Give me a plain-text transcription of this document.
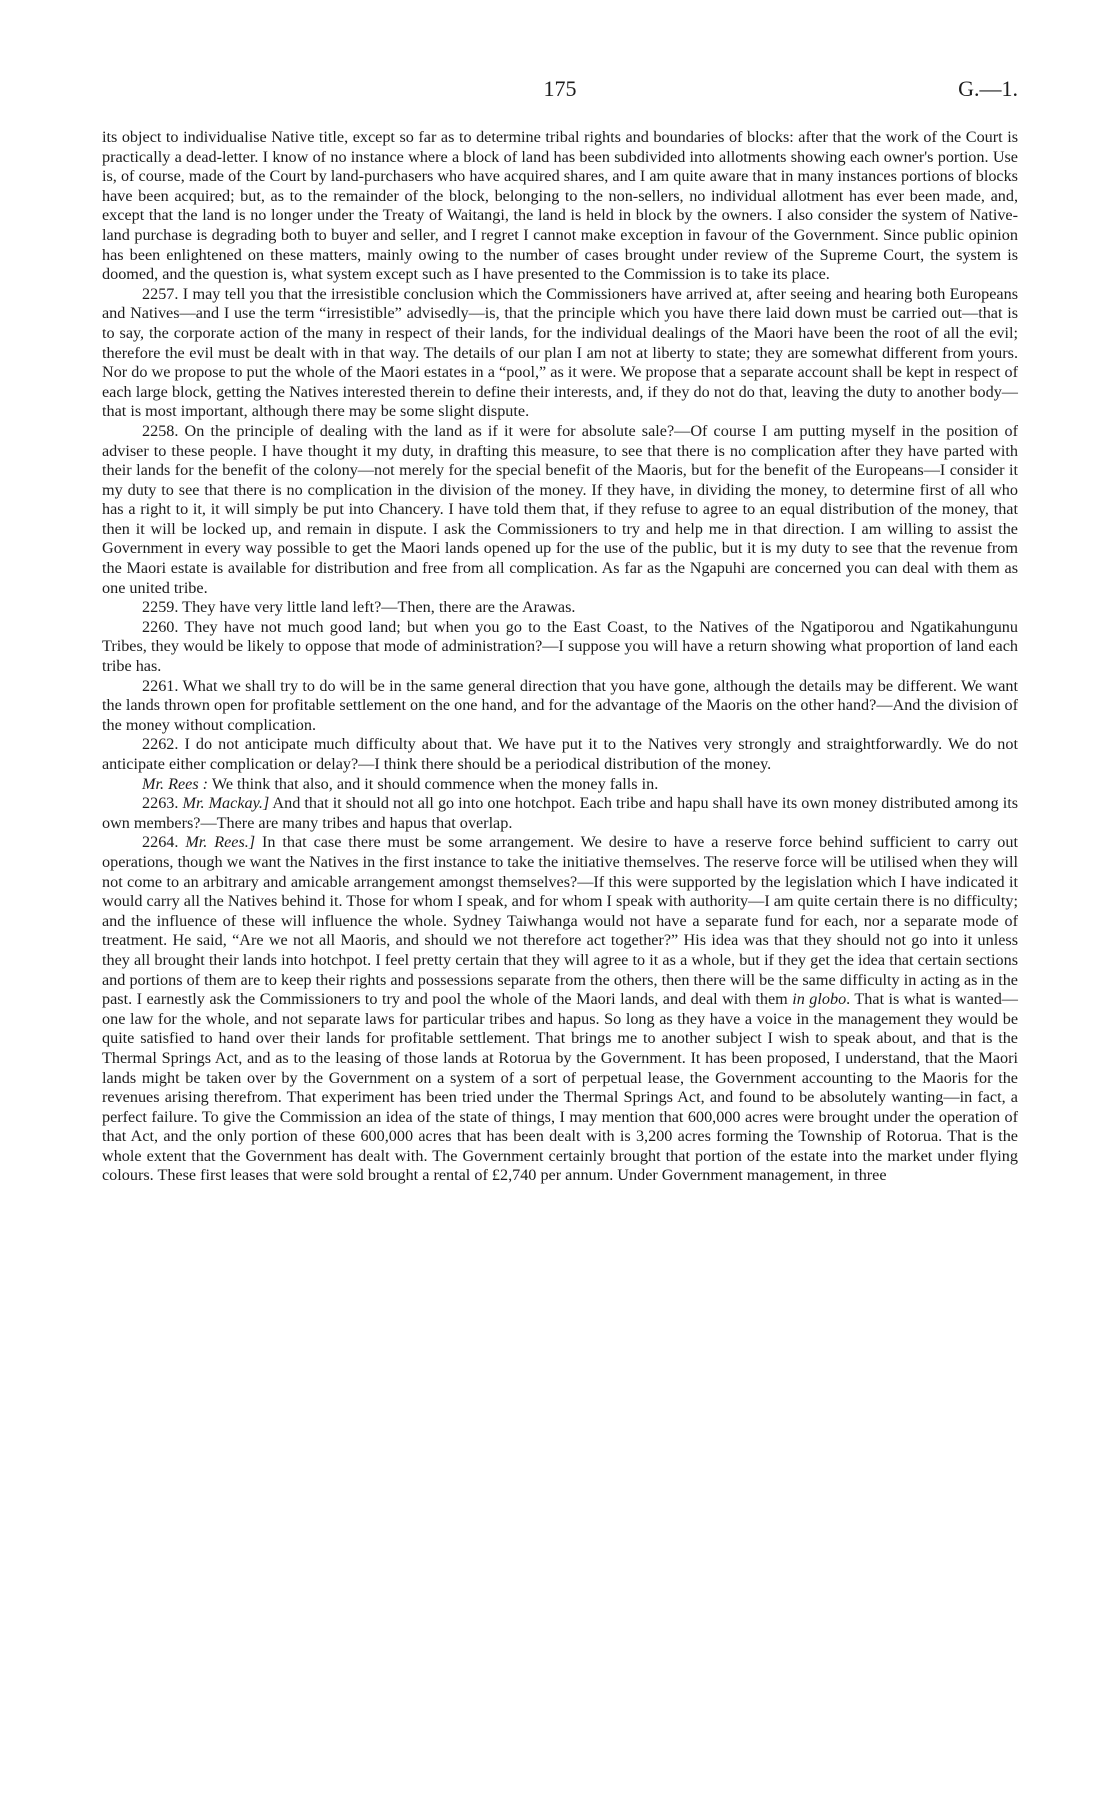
175	G.—1.

its object to individualise Native title, except so far as to determine tribal rights and boundaries of blocks: after that the work of the Court is practically a dead-letter. I know of no instance where a block of land has been subdivided into allotments showing each owner's portion. Use is, of course, made of the Court by land-purchasers who have acquired shares, and I am quite aware that in many instances portions of blocks have been acquired; but, as to the remainder of the block, belonging to the non-sellers, no individual allotment has ever been made, and, except that the land is no longer under the Treaty of Waitangi, the land is held in block by the owners. I also consider the system of Native-land purchase is degrading both to buyer and seller, and I regret I cannot make exception in favour of the Government. Since public opinion has been enlightened on these matters, mainly owing to the number of cases brought under review of the Supreme Court, the system is doomed, and the question is, what system except such as I have presented to the Commission is to take its place.

2257. I may tell you that the irresistible conclusion which the Commissioners have arrived at, after seeing and hearing both Europeans and Natives—and I use the term “irresistible” advisedly—is, that the principle which you have there laid down must be carried out—that is to say, the corporate action of the many in respect of their lands, for the individual dealings of the Maori have been the root of all the evil; therefore the evil must be dealt with in that way. The details of our plan I am not at liberty to state; they are somewhat different from yours. Nor do we propose to put the whole of the Maori estates in a “pool,” as it were. We propose that a separate account shall be kept in respect of each large block, getting the Natives interested therein to define their interests, and, if they do not do that, leaving the duty to another body—that is most important, although there may be some slight dispute.

2258. On the principle of dealing with the land as if it were for absolute sale?—Of course I am putting myself in the position of adviser to these people. I have thought it my duty, in drafting this measure, to see that there is no complication after they have parted with their lands for the benefit of the colony—not merely for the special benefit of the Maoris, but for the benefit of the Europeans—I consider it my duty to see that there is no complication in the division of the money. If they have, in dividing the money, to determine first of all who has a right to it, it will simply be put into Chancery. I have told them that, if they refuse to agree to an equal distribution of the money, that then it will be locked up, and remain in dispute. I ask the Commissioners to try and help me in that direction. I am willing to assist the Government in every way possible to get the Maori lands opened up for the use of the public, but it is my duty to see that the revenue from the Maori estate is available for distribution and free from all complication. As far as the Ngapuhi are concerned you can deal with them as one united tribe.

2259. They have very little land left?—Then, there are the Arawas.

2260. They have not much good land; but when you go to the East Coast, to the Natives of the Ngatiporou and Ngatikahungunu Tribes, they would be likely to oppose that mode of administration?—I suppose you will have a return showing what proportion of land each tribe has.

2261. What we shall try to do will be in the same general direction that you have gone, although the details may be different. We want the lands thrown open for profitable settlement on the one hand, and for the advantage of the Maoris on the other hand?—And the division of the money without complication.

2262. I do not anticipate much difficulty about that. We have put it to the Natives very strongly and straightforwardly. We do not anticipate either complication or delay?—I think there should be a periodical distribution of the money.

Mr. Rees : We think that also, and it should commence when the money falls in.

2263. Mr. Mackay.] And that it should not all go into one hotchpot. Each tribe and hapu shall have its own money distributed among its own members?—There are many tribes and hapus that overlap.

2264. Mr. Rees.] In that case there must be some arrangement. We desire to have a reserve force behind sufficient to carry out operations, though we want the Natives in the first instance to take the initiative themselves. The reserve force will be utilised when they will not come to an arbitrary and amicable arrangement amongst themselves?—If this were supported by the legislation which I have indicated it would carry all the Natives behind it. Those for whom I speak, and for whom I speak with authority—I am quite certain there is no difficulty; and the influence of these will influence the whole. Sydney Taiwhanga would not have a separate fund for each, nor a separate mode of treatment. He said, “Are we not all Maoris, and should we not therefore act together?” His idea was that they should not go into it unless they all brought their lands into hotchpot. I feel pretty certain that they will agree to it as a whole, but if they get the idea that certain sections and portions of them are to keep their rights and possessions separate from the others, then there will be the same difficulty in acting as in the past. I earnestly ask the Commissioners to try and pool the whole of the Maori lands, and deal with them in globo. That is what is wanted—one law for the whole, and not separate laws for particular tribes and hapus. So long as they have a voice in the management they would be quite satisfied to hand over their lands for profitable settlement. That brings me to another subject I wish to speak about, and that is the Thermal Springs Act, and as to the leasing of those lands at Rotorua by the Government. It has been proposed, I understand, that the Maori lands might be taken over by the Government on a system of a sort of perpetual lease, the Government accounting to the Maoris for the revenues arising therefrom. That experiment has been tried under the Thermal Springs Act, and found to be absolutely wanting—in fact, a perfect failure. To give the Commission an idea of the state of things, I may mention that 600,000 acres were brought under the operation of that Act, and the only portion of these 600,000 acres that has been dealt with is 3,200 acres forming the Township of Rotorua. That is the whole extent that the Government has dealt with. The Government certainly brought that portion of the estate into the market under flying colours. These first leases that were sold brought a rental of £2,740 per annum. Under Government management, in three
